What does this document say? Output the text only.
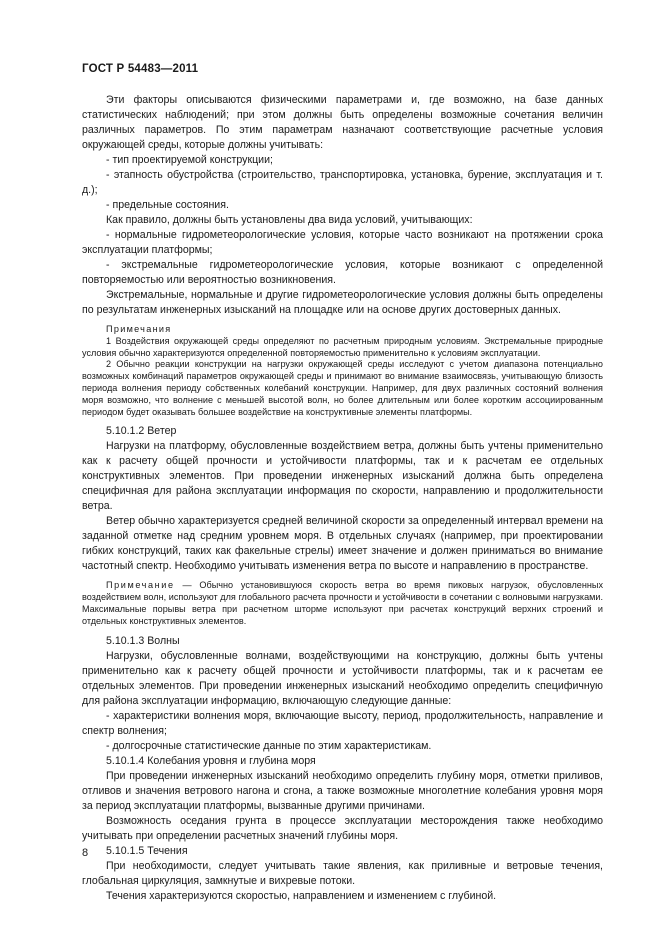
ГОСТ Р 54483—2011

Эти факторы описываются физическими параметрами и, где возможно, на базе данных статистических наблюдений; при этом должны быть определены возможные сочетания величин различных параметров. По этим параметрам назначают соответствующие расчетные условия окружающей среды, которые должны учитывать:

- тип проектируемой конструкции;

- этапность обустройства (строительство, транспортировка, установка, бурение, эксплуатация и т. д.);

- предельные состояния.

Как правило, должны быть установлены два вида условий, учитывающих:

- нормальные гидрометеорологические условия, которые часто возникают на протяжении срока эксплуатации платформы;

- экстремальные гидрометеорологические условия, которые возникают с определенной повторяемостью или вероятностью возникновения.

Экстремальные, нормальные и другие гидрометеорологические условия должны быть определены по результатам инженерных изысканий на площадке или на основе других достоверных данных.

Примечания

1 Воздействия окружающей среды определяют по расчетным природным условиям. Экстремальные природные условия обычно характеризуются определенной повторяемостью применительно к условиям эксплуатации.

2 Обычно реакции конструкции на нагрузки окружающей среды исследуют с учетом диапазона потенциально возможных комбинаций параметров окружающей среды и принимают во внимание взаимосвязь, учитывающую близость периода волнения периоду собственных колебаний конструкции. Например, для двух различных состояний волнения моря возможно, что волнение с меньшей высотой волн, но более длительным или более коротким ассоциированным периодом будет оказывать большее воздействие на конструктивные элементы платформы.

5.10.1.2 Ветер

Нагрузки на платформу, обусловленные воздействием ветра, должны быть учтены применительно как к расчету общей прочности и устойчивости платформы, так и к расчетам ее отдельных конструктивных элементов. При проведении инженерных изысканий должна быть определена специфичная для района эксплуатации информация по скорости, направлению и продолжительности ветра.

Ветер обычно характеризуется средней величиной скорости за определенный интервал времени на заданной отметке над средним уровнем моря. В отдельных случаях (например, при проектировании гибких конструкций, таких как факельные стрелы) имеет значение и должен приниматься во внимание частотный спектр. Необходимо учитывать изменения ветра по высоте и направлению в пространстве.

Примечание — Обычно установившуюся скорость ветра во время пиковых нагрузок, обусловленных воздействием волн, используют для глобального расчета прочности и устойчивости в сочетании с волновыми нагрузками. Максимальные порывы ветра при расчетном шторме используют при расчетах конструкций верхних строений и отдельных конструктивных элементов.

5.10.1.3 Волны

Нагрузки, обусловленные волнами, воздействующими на конструкцию, должны быть учтены применительно как к расчету общей прочности и устойчивости платформы, так и к расчетам ее отдельных элементов. При проведении инженерных изысканий необходимо определить специфичную для района эксплуатации информацию, включающую следующие данные:

- характеристики волнения моря, включающие высоту, период, продолжительность, направление и спектр волнения;

- долгосрочные статистические данные по этим характеристикам.

5.10.1.4 Колебания уровня и глубина моря

При проведении инженерных изысканий необходимо определить глубину моря, отметки приливов, отливов и значения ветрового нагона и сгона, а также возможные многолетние колебания уровня моря за период эксплуатации платформы, вызванные другими причинами.

Возможность оседания грунта в процессе эксплуатации месторождения также необходимо учитывать при определении расчетных значений глубины моря.

5.10.1.5 Течения

При необходимости, следует учитывать такие явления, как приливные и ветровые течения, глобальная циркуляция, замкнутые и вихревые потоки.

Течения характеризуются скоростью, направлением и изменением с глубиной.

8
